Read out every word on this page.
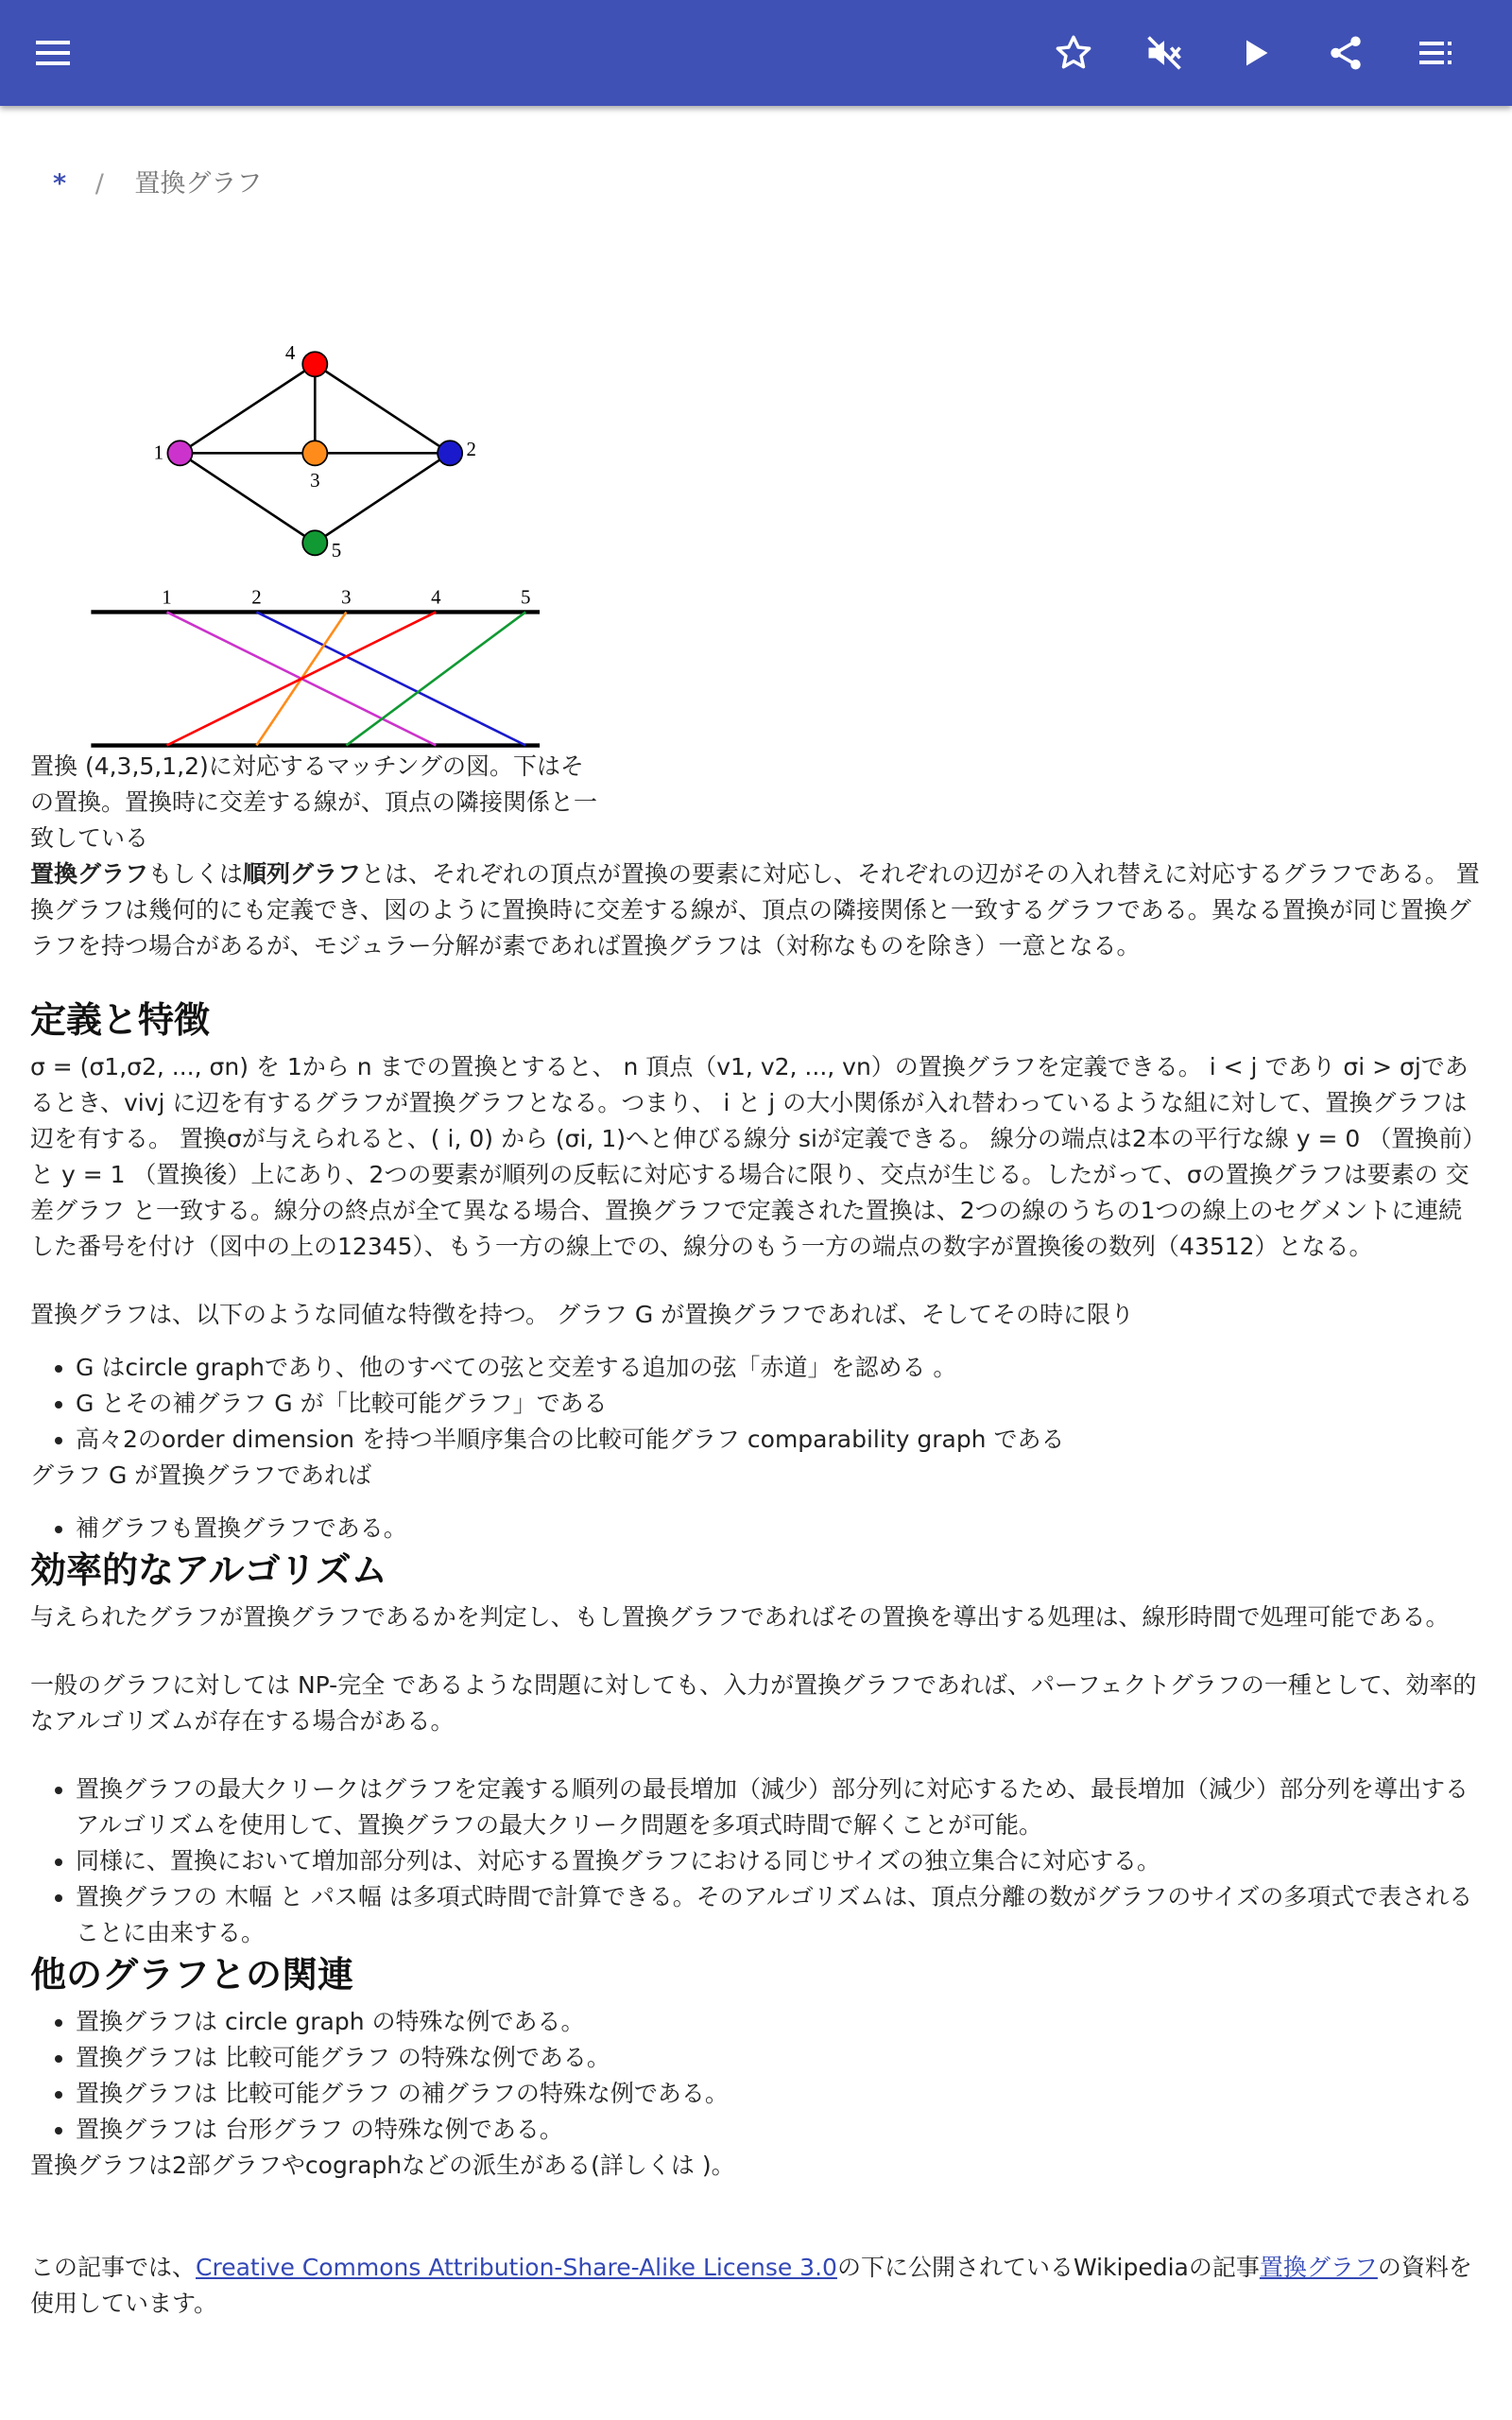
* / 置換グラフ
4
1
3
2
5
1	2	3	4	5
置換 (4,3,5,1,2)に対応するマッチングの図。下はその置換。置換時に交差する線が、頂点の隣接関係と一致している

置換グラフもしくは順列グラフとは、それぞれの頂点が置換の要素に対応し、それぞれの辺がその入れ替えに対応するグラフである。 置換グラフは幾何的にも定義でき、図のように置換時に交差する線が、頂点の隣接関係と一致するグラフである。異なる置換が同じ置換グラフを持つ場合があるが、モジュラー分解が素であれば置換グラフは（対称なものを除き）一意となる。

定義と特徴

σ = (σ1,σ2, ..., σn) を 1から n までの置換とすると、 n 頂点（v1, v2, ..., vn）の置換グラフを定義できる。 i < j であり σi > σjであるとき、vivj に辺を有するグラフが置換グラフとなる。つまり、 i と j の大小関係が入れ替わっているような組に対して、置換グラフは辺を有する。 置換σが与えられると、( i, 0) から (σi, 1)へと伸びる線分 siが定義できる。 線分の端点は2本の平行な線 y = 0 （置換前）と y = 1 （置換後）上にあり、2つの要素が順列の反転に対応する場合に限り、交点が生じる。したがって、σの置換グラフは要素の 交差グラフ と一致する。線分の終点が全て異なる場合、置換グラフで定義された置換は、2つの線のうちの1つの線上のセグメントに連続した番号を付け（図中の上の12345）、もう一方の線上での、線分のもう一方の端点の数字が置換後の数列（43512）となる。

置換グラフは、以下のような同値な特徴を持つ。 グラフ G が置換グラフであれば、そしてその時に限り

• G はcircle graphであり、他のすべての弦と交差する追加の弦「赤道」を認める 。
• G とその補グラフ G が「比較可能グラフ」である
• 高々2のorder dimension を持つ半順序集合の比較可能グラフ comparability graph である

グラフ G が置換グラフであれば

• 補グラフも置換グラフである。
効率的なアルゴリズム

与えられたグラフが置換グラフであるかを判定し、もし置換グラフであればその置換を導出する処理は、線形時間で処理可能である。

一般のグラフに対しては NP-完全 であるような問題に対しても、入力が置換グラフであれば、パーフェクトグラフの一種として、効率的なアルゴリズムが存在する場合がある。

• 置換グラフの最大クリークはグラフを定義する順列の最長増加（減少）部分列に対応するため、最長増加（減少）部分列を導出するアルゴリズムを使用して、置換グラフの最大クリーク問題を多項式時間で解くことが可能。
• 同様に、置換において増加部分列は、対応する置換グラフにおける同じサイズの独立集合に対応する。
• 置換グラフの 木幅 と パス幅 は多項式時間で計算できる。そのアルゴリズムは、頂点分離の数がグラフのサイズの多項式で表されることに由来する。
他のグラフとの関連
• 置換グラフは circle graph の特殊な例である。
• 置換グラフは 比較可能グラフ の特殊な例である。
• 置換グラフは 比較可能グラフ の補グラフの特殊な例である。
• 置換グラフは 台形グラフ の特殊な例である。

置換グラフは2部グラフやcographなどの派生がある(詳しくは )。

この記事では、Creative Commons Attribution-Share-Alike License 3.0の下に公開されているWikipediaの記事置換グラフの資料を使用しています。
